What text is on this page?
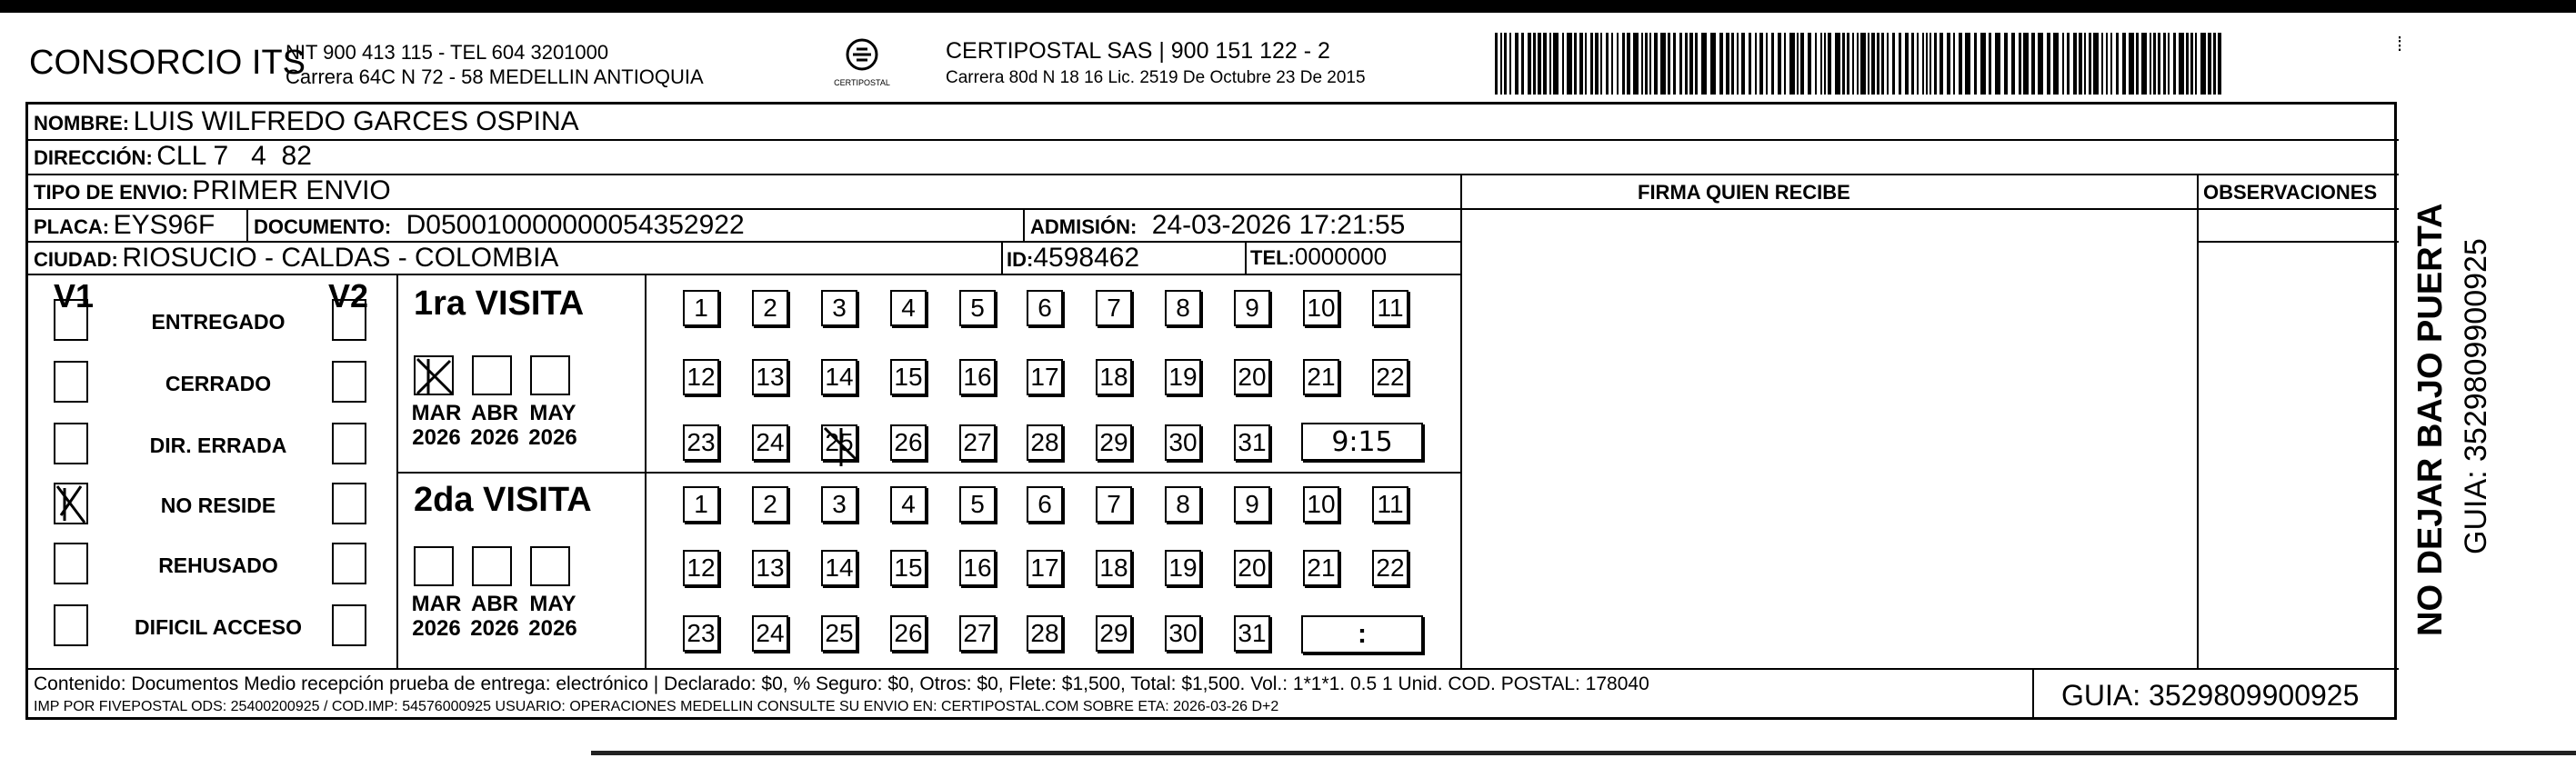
CONSORCIO ITS
NIT 900 413 115 - TEL 604 3201000
Carrera 64C N 72 - 58 MEDELLIN ANTIOQUIA	CERTIPOSTAL
CERTIPOSTAL SAS | 900 151 122 - 2
Carrera 80d N 18 16 Lic. 2519 De Octubre 23 De 2015
⁞
NOMBRE: LUIS WILFREDO GARCES OSPINA
DIRECCIÓN: CLL 7   4  82
TIPO DE ENVIO: PRIMER ENVIO	FIRMA QUIEN RECIBE	OBSERVACIONES
PLACA: EYS96F DOCUMENTO: D050010000000054352922	ADMISIÓN: 24-03-2026 17:21:55
CIUDAD: RIOSUCIO - CALDAS - COLOMBIA	ID:4598462	TEL:0000000
V1	V2
ENTREGADO
CERRADO
DIR. ERRADA
NO RESIDE
REHUSADO
DIFICIL ACCESO
1ra VISITA
MAR
2026
ABR
2026
MAY
2026
1	2	3	4	5	6	7	8	9	10 11
12 13 14 15 16 17 18 19 20 21 22
23 24 25 26 27 28 29 30 31 9:15
2da VISITA
MAR
2026
ABR
2026
MAY
2026
1	2	3	4	5	6	7	8	9	10 11
12 13 14 15 16 17 18 19 20 21 22
23 24 25 26 27 28 29 30 31	:
Contenido: Documentos Medio recepción prueba de entrega: electrónico | Declarado: $0, % Seguro: $0, Otros: $0, Flete: $1,500, Total: $1,500. Vol.: 1*1*1. 0.5 1 Unid. COD. POSTAL: 178040
IMP POR FIVEPOSTAL ODS: 25400200925 / COD.IMP: 54576000925 USUARIO: OPERACIONES MEDELLIN CONSULTE SU ENVIO EN: CERTIPOSTAL.COM SOBRE ETA: 2026-03-26 D+2	GUIA: 3529809900925
NO DEJAR BAJO PUERTA GUIA: 3529809900925
